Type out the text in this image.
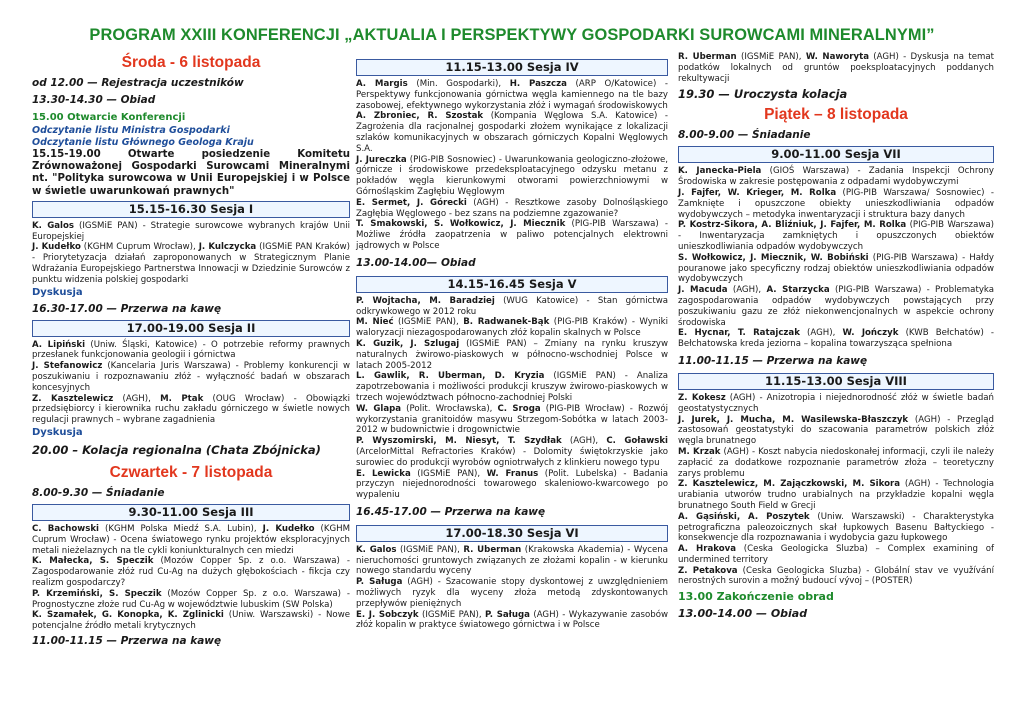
PROGRAM XXIII KONFERENCJI „AKTUALIA I PERSPEKTYWY GOSPODARKI SUROWCAMI MINERALNYMI”
Środa - 6 listopada
od 12.00 — Rejestracja uczestników
13.30-14.30 — Obiad
15.00 Otwarcie Konferencji
Odczytanie listu Ministra Gospodarki
Odczytanie listu Głównego Geologa Kraju
15.15-19.00 Otwarte posiedzenie Komitetu Zrównoważonej Gospodarki Surowcami Mineralnymi nt. "Polityka surowcowa w Unii Europejskiej i w Polsce w świetle uwarunkowań prawnych"
15.15-16.30 Sesja I
K. Galos (IGSMiE PAN) - Strategie surowcowe wybranych krajów Unii Europejskiej
J. Kudełko (KGHM Cuprum Wrocław), J. Kulczycka (IGSMiE PAN Kraków) - Priorytetyzacja działań zaproponowanych w Strategicznym Planie Wdrażania Europejskiego Partnerstwa Innowacji w Dziedzinie Surowców z punktu widzenia polskiej gospodarki
Dyskusja
16.30-17.00 — Przerwa na kawę
17.00-19.00 Sesja II
A. Lipiński (Uniw. Śląski, Katowice) - O potrzebie reformy prawnych przesłanek funkcjonowania geologii i górnictwa
J. Stefanowicz (Kancelaria Juris Warszawa) - Problemy konkurencji w poszukiwaniu i rozpoznawaniu złóż - wyłączność badań w obszarach koncesyjnych
Z. Kasztelewicz (AGH), M. Ptak (OUG Wrocław) - Obowiązki przedsiębiorcy i kierownika ruchu zakładu górniczego w świetle nowych regulacji prawnych – wybrane zagadnienia
Dyskusja
20.00 – Kolacja regionalna (Chata Zbójnicka)
Czwartek - 7 listopada
8.00-9.30 — Śniadanie
9.30-11.00 Sesja III
C. Bachowski (KGHM Polska Miedź S.A. Lubin), J. Kudełko (KGHM Cuprum Wrocław) - Ocena światowego rynku projektów eksploracyjnych metali nieżelaznych na tle cykli koniunkturalnych cen miedzi
K. Małecka, S. Speczik (Mozów Copper Sp. z o.o. Warszawa) - Zagospodarowanie złóż rud Cu-Ag na dużych głębokościach - fikcja czy realizm gospodarczy?
P. Krzemiński, S. Speczik (Mozów Copper Sp. z o.o. Warszawa) - Prognostyczne złoże rud Cu-Ag w województwie lubuskim (SW Polska)
K. Szamałek, G. Konopka, K. Zglinicki (Uniw. Warszawski) - Nowe potencjalne źródło metali krytycznych
11.00-11.15 — Przerwa na kawę
11.15-13.00 Sesja IV
A. Margis (Min. Gospodarki), H. Paszcza (ARP O/Katowice) - Perspektywy funkcjonowania górnictwa węgla kamiennego na tle bazy zasobowej, efektywnego wykorzystania złóż i wymagań środowiskowych
A. Zbroniec, R. Szostak (Kompania Węglowa S.A. Katowice) - Zagrożenia dla racjonalnej gospodarki złożem wynikające z lokalizacji szlaków komunikacyjnych w obszarach górniczych Kopalni Węglowych S.A.
J. Jureczka (PIG-PIB Sosnowiec) - Uwarunkowania geologiczno-złożowe, górnicze i środowiskowe przedeksploatacyjnego odzysku metanu z pokładów węgla kierunkowymi otworami powierzchniowymi w Górnośląskim Zagłębiu Węglowym
E. Sermet, J. Górecki (AGH) - Resztkowe zasoby Dolnośląskiego Zagłębia Węglowego - bez szans na podziemne zgazowanie?
T. Smakowski, S. Wołkowicz, J. Miecznik (PIG-PIB Warszawa) - Możliwe źródła zaopatrzenia w paliwo potencjalnych elektrowni jądrowych w Polsce
13.00-14.00— Obiad
14.15-16.45 Sesja V
P. Wojtacha, M. Baradziej (WUG Katowice) - Stan górnictwa odkrywkowego w 2012 roku
M. Nieć (IGSMiE PAN), B. Radwanek-Bąk (PIG-PIB Kraków) - Wyniki waloryzacji niezagospodarowanych złóż kopalin skalnych w Polsce
K. Guzik, J. Szlugaj (IGSMiE PAN) – Zmiany na rynku kruszyw naturalnych żwirowo-piaskowych w północno-wschodniej Polsce w latach 2005-2012
L. Gawlik, R. Uberman, D. Kryzia (IGSMiE PAN) - Analiza zapotrzebowania i możliwości produkcji kruszyw żwirowo-piaskowych w trzech województwach północno-zachodniej Polski
W. Glapa (Polit. Wrocławska), C. Sroga (PIG-PIB Wrocław) - Rozwój wykorzystania granitoidów masywu Strzegom-Sobótka w latach 2003-2012 w budownictwie i drogownictwie
P. Wyszomirski, M. Niesyt, T. Szydłak (AGH), C. Goławski (ArcelorMittal Refractories Kraków) - Dolomity świętokrzyskie jako surowiec do produkcji wyrobów ogniotrwałych z klinkieru nowego typu
E. Lewicka (IGSMiE PAN), W. Franus (Polit. Lubelska) - Badania przyczyn niejednorodności towarowego skaleniowo-kwarcowego po wypaleniu
16.45-17.00 — Przerwa na kawę
17.00-18.30 Sesja VI
K. Galos (IGSMiE PAN), R. Uberman (Krakowska Akademia) - Wycena nieruchomości gruntowych związanych ze złożami kopalin - w kierunku nowego standardu wyceny
P. Saługa (AGH) - Szacowanie stopy dyskontowej z uwzględnieniem możliwych ryzyk dla wyceny złoża metodą zdyskontowanych przepływów pieniężnych
E. J. Sobczyk (IGSMiE PAN), P. Saługa (AGH) - Wykazywanie zasobów złóż kopalin w praktyce światowego górnictwa i w Polsce
R. Uberman (IGSMiE PAN), W. Naworyta (AGH) - Dyskusja na temat podatków lokalnych od gruntów poeksploatacyjnych poddanych rekultywacji
19.30 — Uroczysta kolacja
Piątek – 8 listopada
8.00-9.00 — Śniadanie
9.00-11.00 Sesja VII
K. Janecka-Piela (GIOŚ Warszawa) - Zadania Inspekcji Ochrony Środowiska w zakresie postępowania z odpadami wydobywczymi
J. Fajfer, W. Krieger, M. Rolka (PIG-PIB Warszawa/ Sosnowiec) - Zamknięte i opuszczone obiekty unieszkodliwiania odpadów wydobywczych – metodyka inwentaryzacji i struktura bazy danych
P. Kostrz-Sikora, A. Bliźniuk, J. Fajfer, M. Rolka (PIG-PIB Warszawa) - Inwentaryzacja zamkniętych i opuszczonych obiektów unieszkodliwiania odpadów wydobywczych
S. Wołkowicz, J. Miecznik, W. Bobiński (PIG-PIB Warszawa) - Hałdy pouranowe jako specyficzny rodzaj obiektów unieszkodliwiania odpadów wydobywczych
J. Macuda (AGH), A. Starzycka (PIG-PIB Warszawa) - Problematyka zagospodarowania odpadów wydobywczych powstających przy poszukiwaniu gazu ze złóż niekonwencjonalnych w aspekcie ochrony środowiska
E. Hycnar, T. Ratajczak (AGH), W. Jończyk (KWB Bełchatów) - Bełchatowska kreda jeziorna – kopalina towarzysząca spełniona
11.00-11.15 — Przerwa na kawę
11.15-13.00 Sesja VIII
Z. Kokesz (AGH) - Anizotropia i niejednorodność złóż w świetle badań geostatystycznych
J. Jurek, J. Mucha, M. Wasilewska-Błaszczyk (AGH) - Przegląd zastosowań geostatystyki do szacowania parametrów polskich złóż węgla brunatnego
M. Krzak (AGH) - Koszt nabycia niedoskonałej informacji, czyli ile należy zapłacić za dodatkowe rozpoznanie parametrów złoża – teoretyczny zarys problemu
Z. Kasztelewicz, M. Zajączkowski, M. Sikora (AGH) - Technologia urabiania utworów trudno urabialnych na przykładzie kopalni węgla brunatnego South Field w Grecji
A. Gąsiński, A. Poszytek (Uniw. Warszawski) - Charakterystyka petrograficzna paleozoicznych skał łupkowych Basenu Bałtyckiego - konsekwencje dla rozpoznawania i wydobycia gazu łupkowego
A. Hrakova (Ceska Geologicka Sluzba) – Complex examining of undermined territory
Z. Petakova (Ceska Geologicka Sluzba) - Globální stav ve využívání nerostných surovin a možný budoucí vývoj – (POSTER)
13.00 Zakończenie obrad
13.00-14.00 — Obiad
